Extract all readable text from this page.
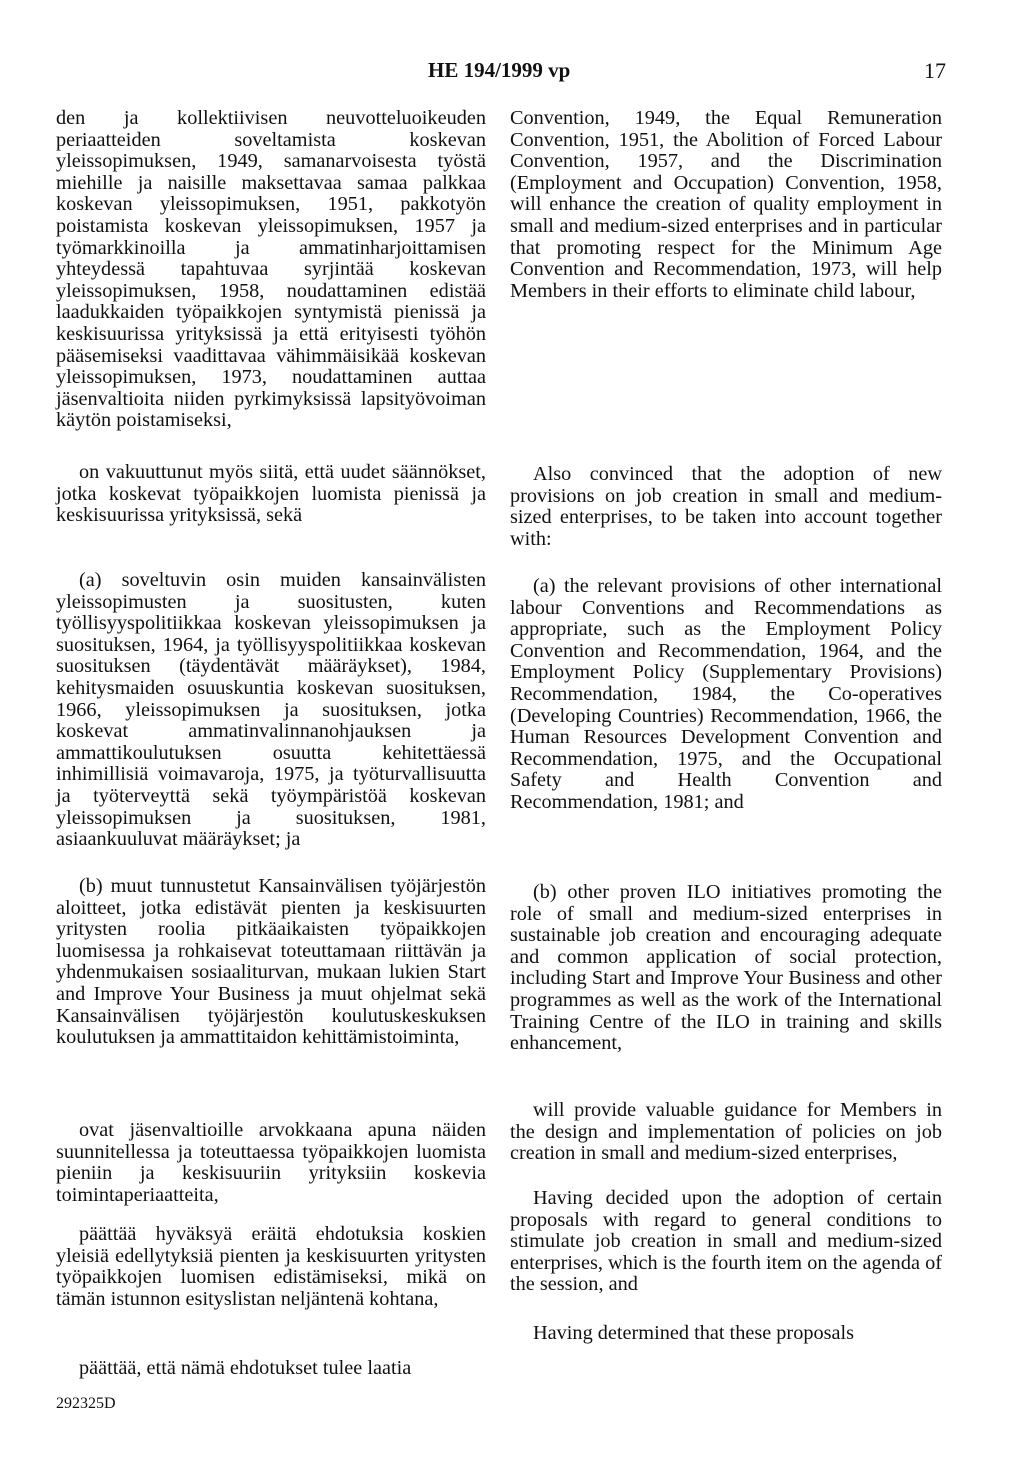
HE 194/1999 vp	17

den ja kollektiivisen neuvotteluoikeuden periaatteiden soveltamista koskevan yleissopimuksen, 1949, samanarvoisesta työstä miehille ja naisille maksettavaa samaa palkkaa koskevan yleissopimuksen, 1951, pakkotyön poistamista koskevan yleissopimuksen, 1957 ja työmarkkinoilla ja ammatinharjoittamisen yhteydessä tapahtuvaa syrjintää koskevan yleissopimuksen, 1958, noudattaminen edistää laadukkaiden työpaikkojen syntymistä pienissä ja keskisuurissa yrityksissä ja että erityisesti työhön pääsemiseksi vaadittavaa vähimmäisikää koskevan yleissopimuksen, 1973, noudattaminen auttaa jäsenvaltioita niiden pyrkimyksissä lapsityövoiman käytön poistamiseksi,

on vakuuttunut myös siitä, että uudet säännökset, jotka koskevat työpaikkojen luomista pienissä ja keskisuurissa yrityksissä, sekä

(a) soveltuvin osin muiden kansainvälisten yleissopimusten ja suositusten, kuten työllisyyspolitiikkaa koskevan yleissopimuksen ja suosituksen, 1964, ja työllisyyspolitiikkaa koskevan suosituksen (täydentävät määräykset), 1984, kehitysmaiden osuuskuntia koskevan suosituksen, 1966, yleissopimuksen ja suosituksen, jotka koskevat ammatinvalinnanohjauksen ja ammattikoulutuksen osuutta kehitettäessä inhimillisiä voimavaroja, 1975, ja työturvallisuutta ja työterveyttä sekä työympäristöä koskevan yleissopimuksen ja suosituksen, 1981, asiaankuuluvat määräykset; ja

(b) muut tunnustetut Kansainvälisen työjärjestön aloitteet, jotka edistävät pienten ja keskisuurten yritysten roolia pitkäaikaisten työpaikkojen luomisessa ja rohkaisevat toteuttamaan riittävän ja yhdenmukaisen sosiaaliturvan, mukaan lukien Start and Improve Your Business ja muut ohjelmat sekä Kansainvälisen työjärjestön koulutuskeskuksen koulutuksen ja ammattitaidon kehittämistoiminta,

ovat jäsenvaltioille arvokkaana apuna näiden suunnitellessa ja toteuttaessa työpaikkojen luomista pieniin ja keskisuuriin yrityksiin koskevia toimintaperiaatteita,

päättää hyväksyä eräitä ehdotuksia koskien yleisiä edellytyksiä pienten ja keskisuurten yritysten työpaikkojen luomisen edistämiseksi, mikä on tämän istunnon esityslistan neljäntenä kohtana,

päättää, että nämä ehdotukset tulee laatia

Convention, 1949, the Equal Remuneration Convention, 1951, the Abolition of Forced Labour Convention, 1957, and the Discrimination (Employment and Occupation) Convention, 1958, will enhance the creation of quality employment in small and medium-sized enterprises and in particular that promoting respect for the Minimum Age Convention and Recommendation, 1973, will help Members in their efforts to eliminate child labour,

Also convinced that the adoption of new provisions on job creation in small and medium-sized enterprises, to be taken into account together with:

(a) the relevant provisions of other international labour Conventions and Recommendations as appropriate, such as the Employment Policy Convention and Recommendation, 1964, and the Employment Policy (Supplementary Provisions) Recommendation, 1984, the Co-operatives (Developing Countries) Recommendation, 1966, the Human Resources Development Convention and Recommendation, 1975, and the Occupational Safety and Health Convention and Recommendation, 1981; and

(b) other proven ILO initiatives promoting the role of small and medium-sized enterprises in sustainable job creation and encouraging adequate and common application of social protection, including Start and Improve Your Business and other programmes as well as the work of the International Training Centre of the ILO in training and skills enhancement,

will provide valuable guidance for Members in the design and implementation of policies on job creation in small and medium-sized enterprises,

Having decided upon the adoption of certain proposals with regard to general conditions to stimulate job creation in small and medium-sized enterprises, which is the fourth item on the agenda of the session, and

Having determined that these proposals

292325D
